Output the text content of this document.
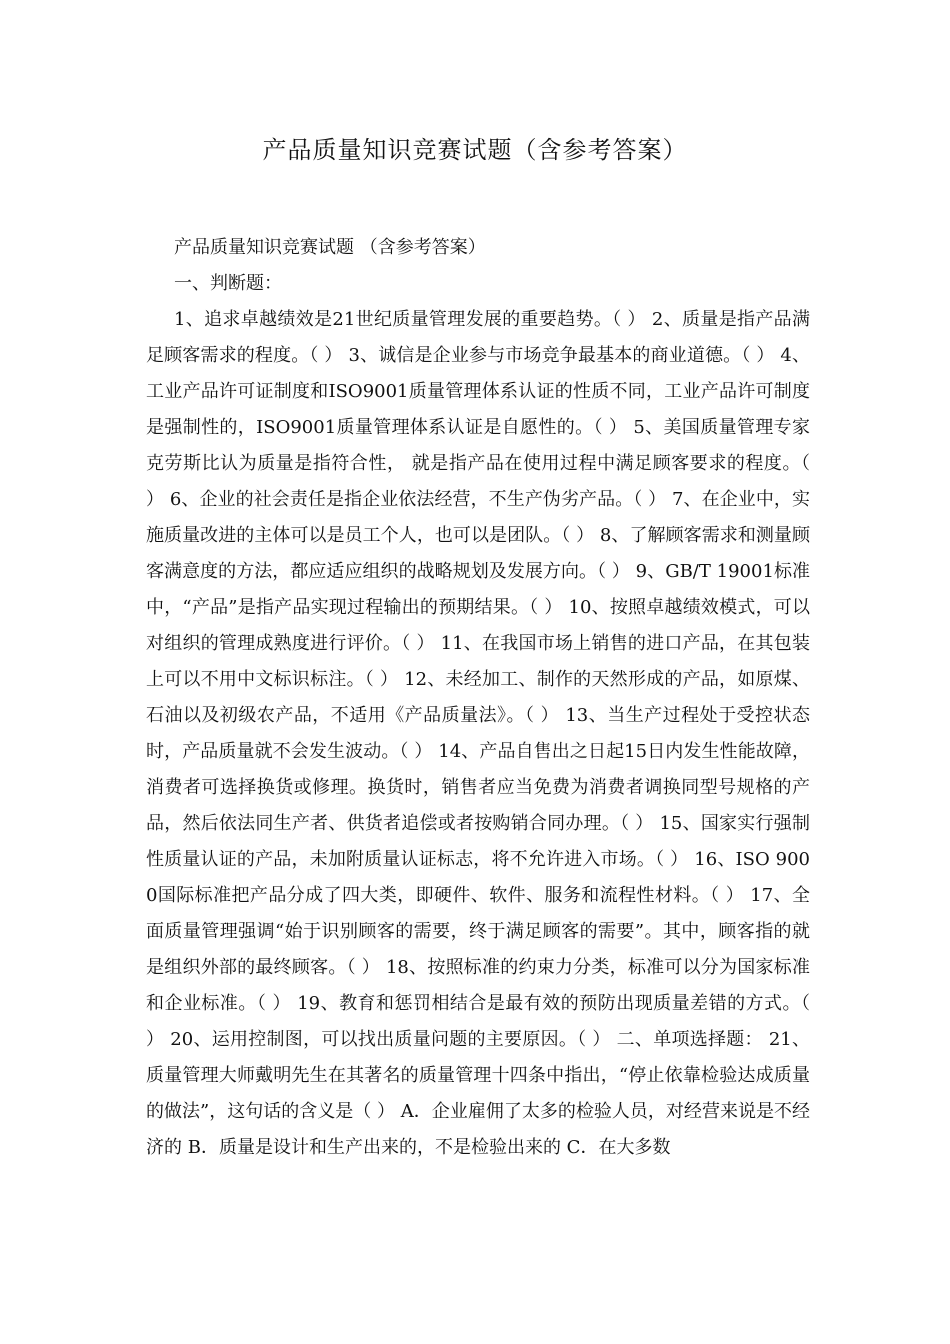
产品质量知识竞赛试题（含参考答案）

产品质量知识竞赛试题 （含参考答案）

一、判断题：

1、追求卓越绩效是21世纪质量管理发展的重要趋势。（ ） 2、质量是指产品满足顾客需求的程度。（ ） 3、诚信是企业参与市场竞争最基本的商业道德。（ ） 4、工业产品许可证制度和ISO9001质量管理体系认证的性质不同，工业产品许可制度是强制性的，ISO9001质量管理体系认证是自愿性的。（ ） 5、美国质量管理专家克劳斯比认为质量是指符合性， 就是指产品在使用过程中满足顾客要求的程度。（ ） 6、企业的社会责任是指企业依法经营，不生产伪劣产品。（ ） 7、在企业中，实施质量改进的主体可以是员工个人，也可以是团队。（ ） 8、了解顾客需求和测量顾客满意度的方法，都应适应组织的战略规划及发展方向。（ ） 9、GB/T 19001标准中，“产品”是指产品实现过程输出的预期结果。（ ） 10、按照卓越绩效模式，可以对组织的管理成熟度进行评价。（ ） 11、在我国市场上销售的进口产品，在其包装上可以不用中文标识标注。（ ） 12、未经加工、制作的天然形成的产品，如原煤、石油以及初级农产品，不适用《产品质量法》。（ ） 13、当生产过程处于受控状态时，产品质量就不会发生波动。（ ） 14、产品自售出之日起15日内发生性能故障，消费者可选择换货或修理。换货时，销售者应当免费为消费者调换同型号规格的产品，然后依法同生产者、供货者追偿或者按购销合同办理。（ ） 15、国家实行强制性质量认证的产品，未加附质量认证标志，将不允许进入市场。（ ） 16、ISO 9000国际标准把产品分成了四大类，即硬件、软件、服务和流程性材料。（ ） 17、全面质量管理强调“始于识别顾客的需要，终于满足顾客的需要”。其中，顾客指的就是组织外部的最终顾客。（ ） 18、按照标准的约束力分类，标准可以分为国家标准和企业标准。（ ） 19、教育和惩罚相结合是最有效的预防出现质量差错的方式。（ ） 20、运用控制图，可以找出质量问题的主要原因。（ ） 二、单项选择题： 21、质量管理大师戴明先生在其著名的质量管理十四条中指出，“停止依靠检验达成质量的做法”，这句话的含义是（ ） A．企业雇佣了太多的检验人员，对经营来说是不经济的 B．质量是设计和生产出来的，不是检验出来的 C．在大多数
